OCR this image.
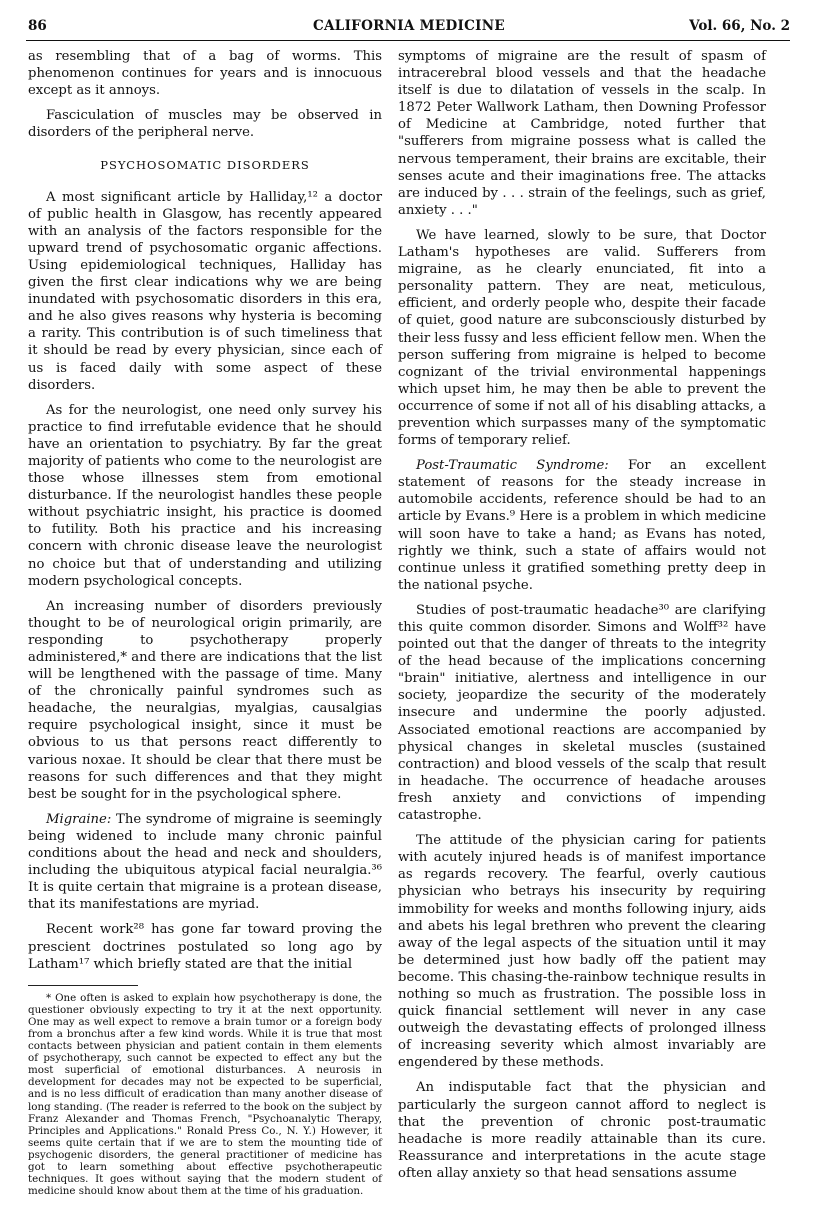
86	CALIFORNIA MEDICINE	Vol. 66, No. 2

as resembling that of a bag of worms. This phenomenon continues for years and is innocuous except as it annoys.

Fasciculation of muscles may be observed in disorders of the peripheral nerve.

PSYCHOSOMATIC DISORDERS

A most significant article by Halliday,¹² a doctor of public health in Glasgow, has recently appeared with an analysis of the factors responsible for the upward trend of psychosomatic organic affections. Using epidemiological techniques, Halliday has given the first clear indications why we are being inundated with psychosomatic disorders in this era, and he also gives reasons why hysteria is becoming a rarity. This contribution is of such timeliness that it should be read by every physician, since each of us is faced daily with some aspect of these disorders.

As for the neurologist, one need only survey his practice to find irrefutable evidence that he should have an orientation to psychiatry. By far the great majority of patients who come to the neurologist are those whose illnesses stem from emotional disturbance. If the neurologist handles these people without psychiatric insight, his practice is doomed to futility. Both his practice and his increasing concern with chronic disease leave the neurologist no choice but that of understanding and utilizing modern psychological concepts.

An increasing number of disorders previously thought to be of neurological origin primarily, are responding to psychotherapy properly administered,* and there are indications that the list will be lengthened with the passage of time. Many of the chronically painful syndromes such as headache, the neuralgias, myalgias, causalgias require psychological insight, since it must be obvious to us that persons react differently to various noxae. It should be clear that there must be reasons for such differences and that they might best be sought for in the psychological sphere.

Migraine: The syndrome of migraine is seemingly being widened to include many chronic painful conditions about the head and neck and shoulders, including the ubiquitous atypical facial neuralgia.³⁶ It is quite certain that migraine is a protean disease, that its manifestations are myriad.

Recent work²⁸ has gone far toward proving the prescient doctrines postulated so long ago by Latham¹⁷ which briefly stated are that the initial

* One often is asked to explain how psychotherapy is done, the questioner obviously expecting to try it at the next opportunity. One may as well expect to remove a brain tumor or a foreign body from a bronchus after a few kind words. While it is true that most contacts between physician and patient contain in them elements of psychotherapy, such cannot be expected to effect any but the most superficial of emotional disturbances. A neurosis in development for decades may not be expected to be superficial, and is no less difficult of eradication than many another disease of long standing. (The reader is referred to the book on the subject by Franz Alexander and Thomas French, "Psychoanalytic Therapy, Principles and Applications." Ronald Press Co., N. Y.) However, it seems quite certain that if we are to stem the mounting tide of psychogenic disorders, the general practitioner of medicine has got to learn something about effective psychotherapeutic techniques. It goes without saying that the modern student of medicine should know about them at the time of his graduation.

symptoms of migraine are the result of spasm of intracerebral blood vessels and that the headache itself is due to dilatation of vessels in the scalp. In 1872 Peter Wallwork Latham, then Downing Professor of Medicine at Cambridge, noted further that "sufferers from migraine possess what is called the nervous temperament, their brains are excitable, their senses acute and their imaginations free. The attacks are induced by . . . strain of the feelings, such as grief, anxiety . . ."

We have learned, slowly to be sure, that Doctor Latham's hypotheses are valid. Sufferers from migraine, as he clearly enunciated, fit into a personality pattern. They are neat, meticulous, efficient, and orderly people who, despite their facade of quiet, good nature are subconsciously disturbed by their less fussy and less efficient fellow men. When the person suffering from migraine is helped to become cognizant of the trivial environmental happenings which upset him, he may then be able to prevent the occurrence of some if not all of his disabling attacks, a prevention which surpasses many of the symptomatic forms of temporary relief.

Post-Traumatic Syndrome: For an excellent statement of reasons for the steady increase in automobile accidents, reference should be had to an article by Evans.⁹ Here is a problem in which medicine will soon have to take a hand; as Evans has noted, rightly we think, such a state of affairs would not continue unless it gratified something pretty deep in the national psyche.

Studies of post-traumatic headache³⁰ are clarifying this quite common disorder. Simons and Wolff³² have pointed out that the danger of threats to the integrity of the head because of the implications concerning "brain" initiative, alertness and intelligence in our society, jeopardize the security of the moderately insecure and undermine the poorly adjusted. Associated emotional reactions are accompanied by physical changes in skeletal muscles (sustained contraction) and blood vessels of the scalp that result in headache. The occurrence of headache arouses fresh anxiety and convictions of impending catastrophe.

The attitude of the physician caring for patients with acutely injured heads is of manifest importance as regards recovery. The fearful, overly cautious physician who betrays his insecurity by requiring immobility for weeks and months following injury, aids and abets his legal brethren who prevent the clearing away of the legal aspects of the situation until it may be determined just how badly off the patient may become. This chasing-the-rainbow technique results in nothing so much as frustration. The possible loss in quick financial settlement will never in any case outweigh the devastating effects of prolonged illness of increasing severity which almost invariably are engendered by these methods.

An indisputable fact that the physician and particularly the surgeon cannot afford to neglect is that the prevention of chronic post-traumatic headache is more readily attainable than its cure. Reassurance and interpretations in the acute stage often allay anxiety so that head sensations assume
